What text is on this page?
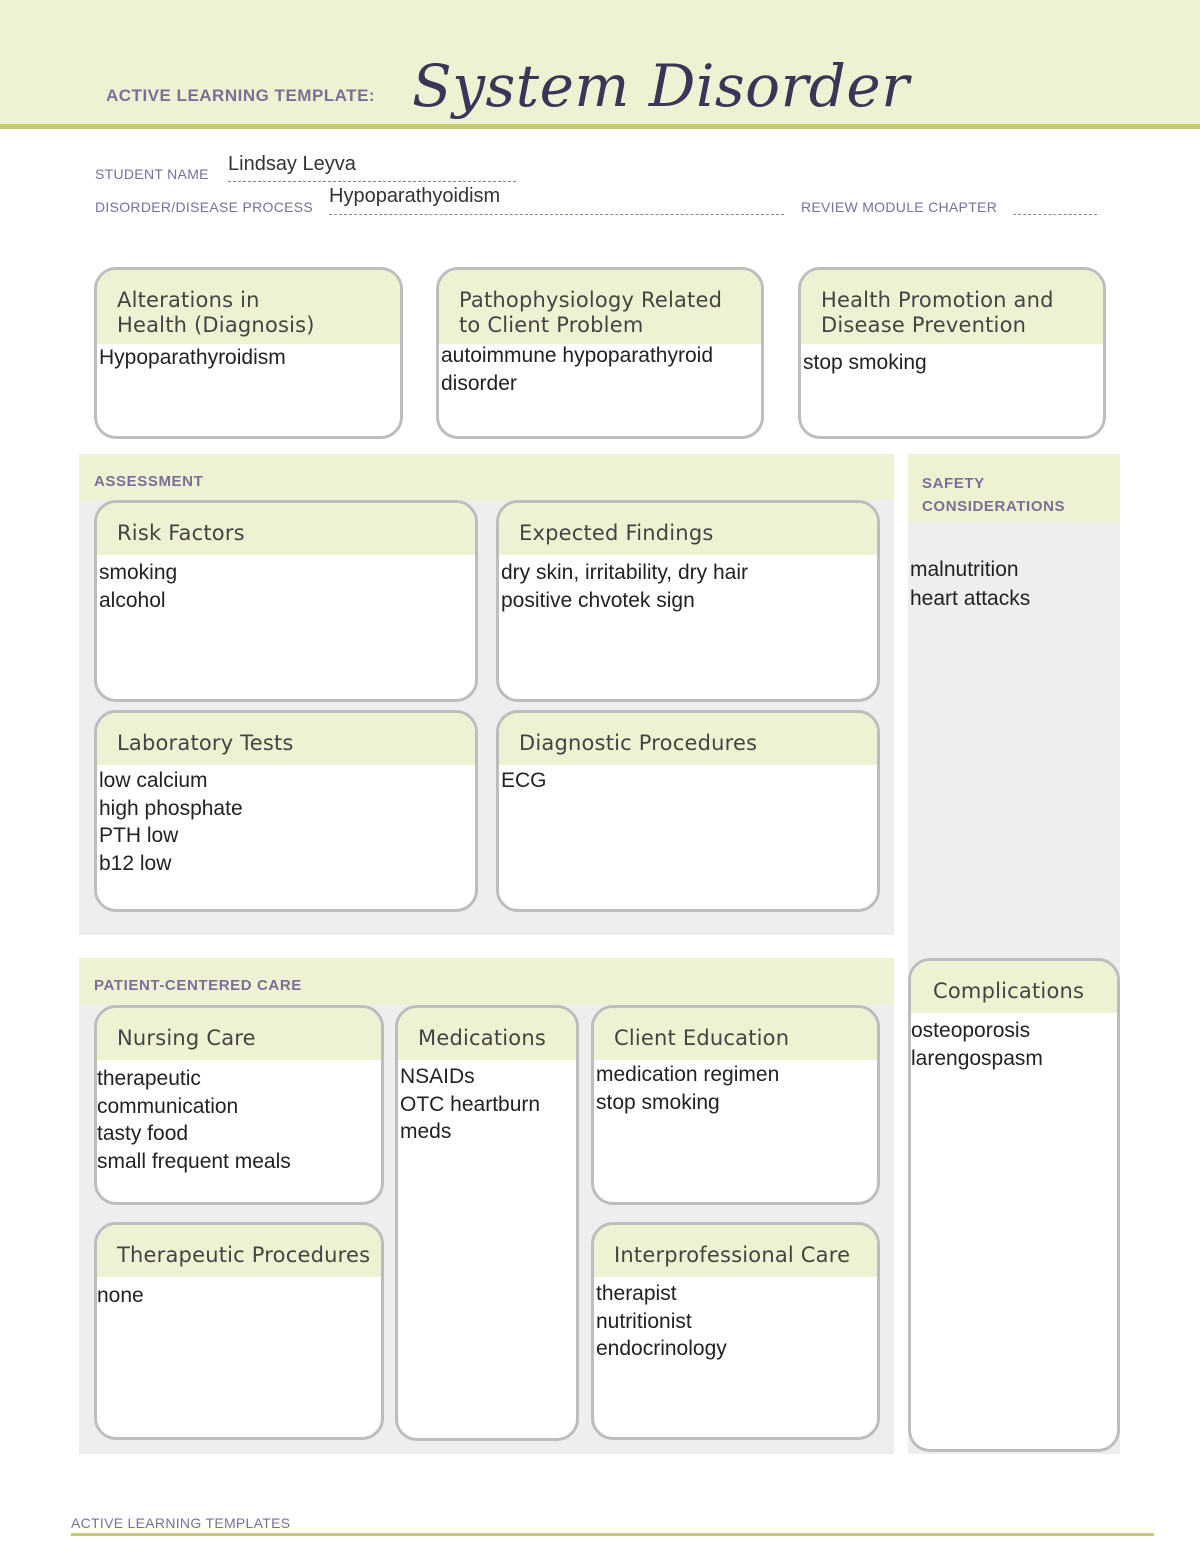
ACTIVE LEARNING TEMPLATE: System Disorder
STUDENT NAME Lindsay Leyva
DISORDER/DISEASE PROCESS Hypoparathyoidism	REVIEW MODULE CHAPTER
Alterations in
Health (Diagnosis)
Hypoparathyroidism
Pathophysiology Related
to Client Problem
autoimmune hypoparathyroid
disorder
Health Promotion and
Disease Prevention
stop smoking
ASSESSMENT
Risk Factors
smoking
alcohol
Expected Findings
dry skin, irritability, dry hair
positive chvotek sign
Laboratory Tests
low calcium
high phosphate
PTH low
b12 low
Diagnostic Procedures
ECG
SAFETY
CONSIDERATIONS
malnutrition
heart attacks
Complications
osteoporosis
larengospasm
PATIENT-CENTERED CARE
Nursing Care
therapeutic
communication
tasty food
small frequent meals
Medications
NSAIDs
OTC heartburn
meds
Client Education
medication regimen
stop smoking
Therapeutic Procedures
none
Interprofessional Care
therapist
nutritionist
endocrinology
ACTIVE LEARNING TEMPLATES
